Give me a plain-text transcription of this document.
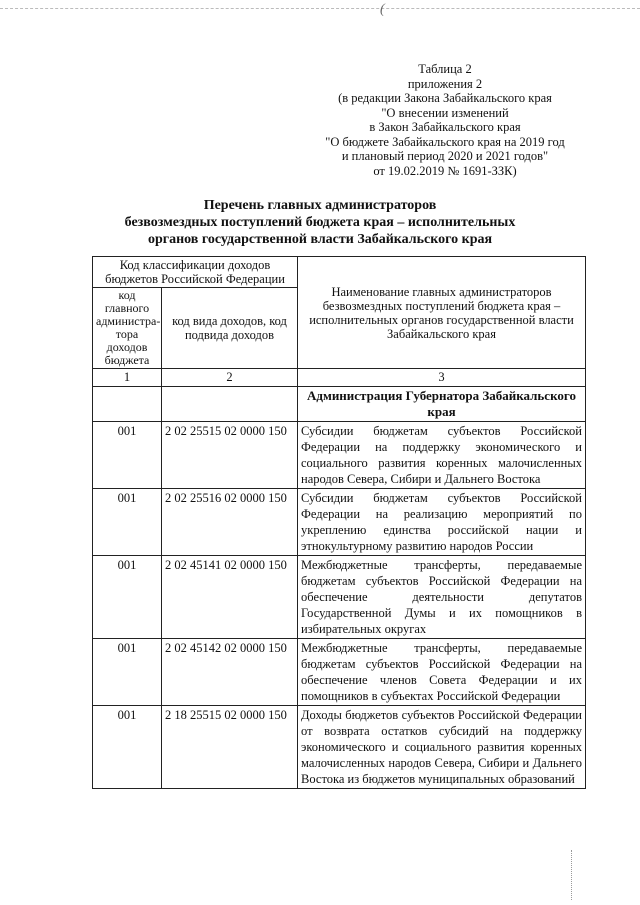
(
Таблица 2
приложения 2
(в редакции Закона Забайкальского края
"О внесении изменений
в Закон Забайкальского края
"О бюджете Забайкальского края на 2019 год
и плановый период 2020 и 2021 годов"
от 19.02.2019 № 1691-ЗЗК)
Перечень главных администраторов
безвозмездных поступлений бюджета края – исполнительных
органов государственной власти Забайкальского края
Код классификации доходов бюджетов Российской Федерации		Наименование главных администраторов безвозмездных поступлений бюджета края – исполнительных органов государственной власти Забайкальского края
код главного администра-тора доходов бюджета	код вида доходов, код подвида доходов	
1	2	3
		Администрация Губернатора Забайкальского края
001	2 02 25515 02 0000 150	Субсидии бюджетам субъектов Российской Федерации на поддержку экономического и социального развития коренных малочисленных народов Севера, Сибири и Дальнего Востока
001	2 02 25516 02 0000 150	Субсидии бюджетам субъектов Российской Федерации на реализацию мероприятий по укреплению единства российской нации и этнокультурному развитию народов России
001	2 02 45141 02 0000 150	Межбюджетные трансферты, передаваемые бюджетам субъектов Российской Федерации на обеспечение деятельности депутатов Государственной Думы и их помощников в избирательных округах
001	2 02 45142 02 0000 150	Межбюджетные трансферты, передаваемые бюджетам субъектов Российской Федерации на обеспечение членов Совета Федерации и их помощников в субъектах Российской Федерации
001	2 18 25515 02 0000 150	Доходы бюджетов субъектов Российской Федерации от возврата остатков субсидий на поддержку экономического и социального развития коренных малочисленных народов Севера, Сибири и Дальнего Востока из бюджетов муниципальных образований
